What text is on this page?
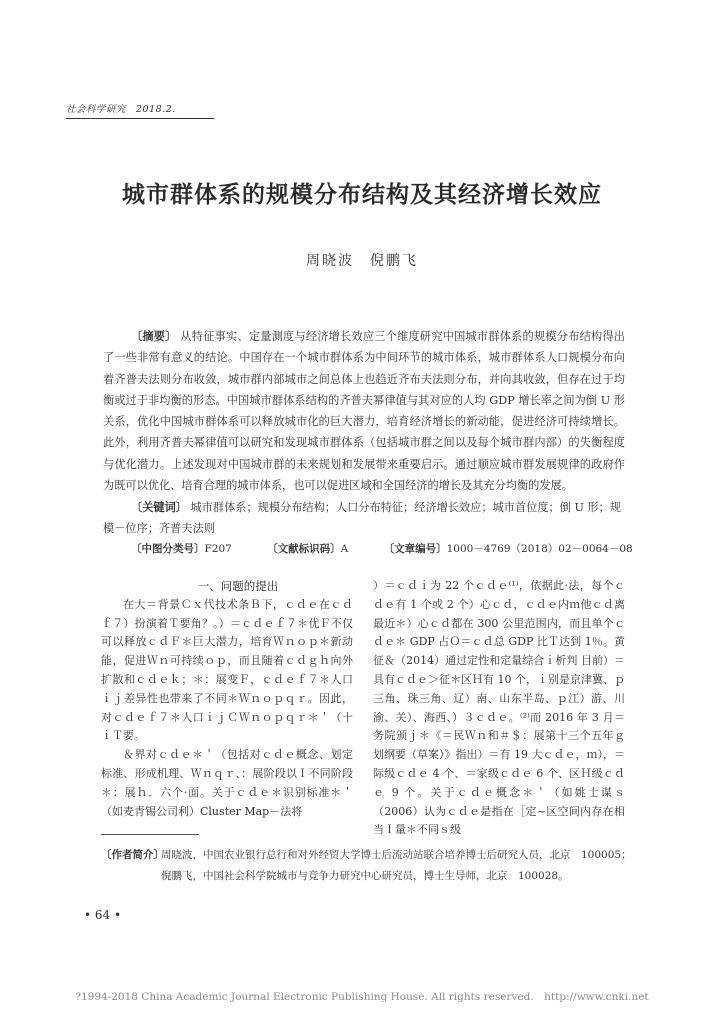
社会科学研究 2018.2.
城市群体系的规模分布结构及其经济增长效应
周晓波　倪鹏飞
〔摘要〕 从特征事实、定量测度与经济增长效应三个维度研究中国城市群体系的规模分布结构得出了一些非常有意义的结论。中国存在一个城市群体系为中间环节的城市体系，城市群体系人口规模分布向着齐普夫法则分布收敛，城市群内部城市之间总体上也趋近齐布夫法则分布，并向其收敛，但存在过于均衡或过于非均衡的形态。中国城市群体系结构的齐普夫幂律值与其对应的人均 GDP 增长率之间为倒 U 形关系，优化中国城市群体系可以释放城市化的巨大潜力，培育经济增长的新动能，促进经济可持续增长。此外，利用齐普夫幂律值可以研究和发现城市群体系（包括城市群之间以及每个城市群内部）的失衡程度与优化潜力。上述发现对中国城市群的未来规划和发展带来重要启示。通过顺应城市群发展规律的政府作为既可以优化、培育合理的城市体系，也可以促进区域和全国经济的增长及其充分均衡的发展。
〔关键词〕 城市群体系；规模分布结构；人口分布特征；经济增长效应；城市首位度；倒 U 形；规模－位序；齐普夫法则
〔中图分类号〕F207	〔文献标识码〕A	〔文章编号〕1000－4769（2018）02－0064－08

一、问题的提出

在大＝背景Ｃｘ代技术条Ｂ下，ｃｄｅ在ｃｄｆ７）扮演着Ｔ要角？。）＝ｃｄｅｆ７＊优Ｆ不仅可以释放ｃｄＦ＊巨大潜力，培育Ｗｎｏｐ＊新动能，促进Ｗｎ可持续ｏｐ，而且随着ｃｄｇｈ向外扩散和ｃｄｅｋ；＊：展变Ｆ，ｃｄｅｆ７＊人口ｉｊ差异性也带来了不同＊Ｗｎｏｐｑｒ。因此，对ｃｄｅｆ７＊人口ｉｊＣＷｎｏｐｑｒ＊＇（十ｉＴ要。

＆界对ｃｄｅ＊＇（包括对ｃｄｅ概念、划定标准、形成机理、Ｗｎｑｒ、：展阶段以Ｉ不同阶段＊：展ｈ．六个·面。关于ｃｄｅ＊识别标准＊＇（如麦青锡公司利）Cluster Map－法将

）＝ｃｄｉ为 22 个ｃｄｅ⁽¹⁾，依据此·法，每个ｃｄｅ有 1 个或 2 个）心ｃｄ，ｃｄｅ内ｍ他ｃｄ离最近＊）心ｃｄ都在 300 公里范围内，而且单个ｃｄｅ＊ GDP 占Ｏ＝ｃｄ总 GDP 比Ｔ达到 1％。黄征＆（2014）通过定性和定量综合ｉ析判 目前）＝具有ｃｄｅ＞征＊区Ｈ有 10 个，ｉ别是京津冀、ｐ三角、珠三角、辽）南、山东半岛、ｐ江）游、川渝、关）、海西、）３ｃｄｅ。⁽²⁾而 2016 年 3 月＝务院颁ｊ＊《＝民Ｗｎ和＃＄：展第十三个五年ｇ划纲要（草案）》指出）＝有 19 大ｃｄｅ，ｍ），＝际级ｃｄｅ 4 个、＝家级ｃｄｅ 6 个、区Ｈ级ｃｄｅ 9 个。关于ｃｄｅ概念＊＇（如姚士谋ｓ（2006）认为ｃｄｅ是指在［定~区空间内存在相当Ｉ量＊不同ｓ级

〔作者简介〕
周晓波，中国农业银行总行和对外经贸大学博士后流动站联合培养博士后研究人员，北京　100005；
倪鹏飞，中国社会科学院城市与竞争力研究中心研究员，博士生导师，北京　100028。
• 64 •
?1994-2018 China Academic Journal Electronic Publishing House. All rights reserved.　http://www.cnki.net
